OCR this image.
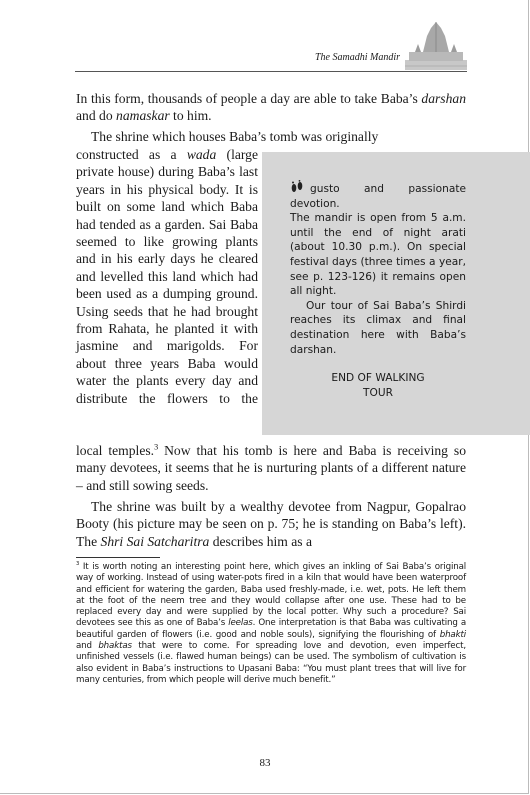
The Samadhi Mandir

In this form, thousands of people a day are able to take Baba’s darshan and do namaskar to him.

The shrine which houses Baba’s tomb was originally

constructed as a wada (large private house) during Baba’s last years in his physical body. It is built on some land which Baba had tended as a garden. Sai Baba seemed to like growing plants and in his early days he cleared and levelled this land which had been used as a dumping ground. Using seeds that he had brought from Rahata, he planted it with jasmine and marigolds. For about three years Baba would water the plants every day and distribute the flowers to the

local temples.$^3$ Now that his tomb is here and Baba is receiving so many devotees, it seems that he is nurturing plants of a different nature – and still sowing seeds.

The shrine was built by a wealthy devotee from Nagpur, Gopalrao Booty (his picture may be seen on p. 75; he is standing on Baba’s left). The Shri Sai Satcharitra describes him as a

gusto and passionate devotion.

The mandir is open from 5 a.m. until the end of night arati (about 10.30 p.m.). On special festival days (three times a year, see p. 123-126) it remains open all night.

Our tour of Sai Baba’s Shirdi reaches its climax and final destination here with Baba’s darshan.

END OF WALKING
TOUR

$^3$ It is worth noting an interesting point here, which gives an inkling of Sai Baba’s original way of working. Instead of using water-pots fired in a kiln that would have been waterproof and efficient for watering the garden, Baba used freshly-made, i.e. wet, pots. He left them at the foot of the neem tree and they would collapse after one use. These had to be replaced every day and were supplied by the local potter. Why such a procedure? Sai devotees see this as one of Baba’s leelas. One interpretation is that Baba was cultivating a beautiful garden of flowers (i.e. good and noble souls), signifying the flourishing of bhakti and bhaktas that were to come. For spreading love and devotion, even imperfect, unfinished vessels (i.e. flawed human beings) can be used. The symbolism of cultivation is also evident in Baba’s instructions to Upasani Baba: “You must plant trees that will live for many centuries, from which people will derive much benefit.”

83
